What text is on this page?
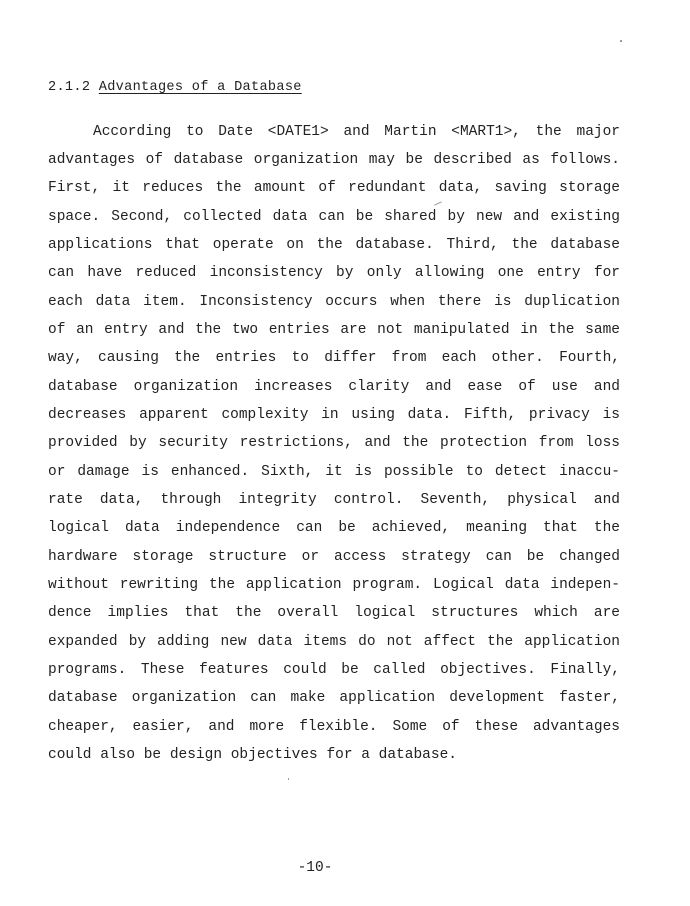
2.1.2 Advantages of a Database
According to Date <DATE1> and Martin <MART1>, the major
advantages of database organization may be described as follows.
First, it reduces the amount of redundant data, saving storage
space. Second, collected data can be shared by new and existing
applications that operate on the database. Third, the database
can have reduced inconsistency by only allowing one entry for
each data item. Inconsistency occurs when there is duplication
of an entry and the two entries are not manipulated in the same
way, causing the entries to differ from each other. Fourth,
database organization increases clarity and ease of use and
decreases apparent complexity in using data. Fifth, privacy is
provided by security restrictions, and the protection from loss
or damage is enhanced. Sixth, it is possible to detect inaccu-
rate data, through integrity control. Seventh, physical and
logical data independence can be achieved, meaning that the
hardware storage structure or access strategy can be changed
without rewriting the application program. Logical data indepen-
dence implies that the overall logical structures which are
expanded by adding new data items do not affect the application
programs. These features could be called objectives. Finally,
database organization can make application development faster,
cheaper, easier, and more flexible. Some of these advantages
could also be design objectives for a database.
-10-
